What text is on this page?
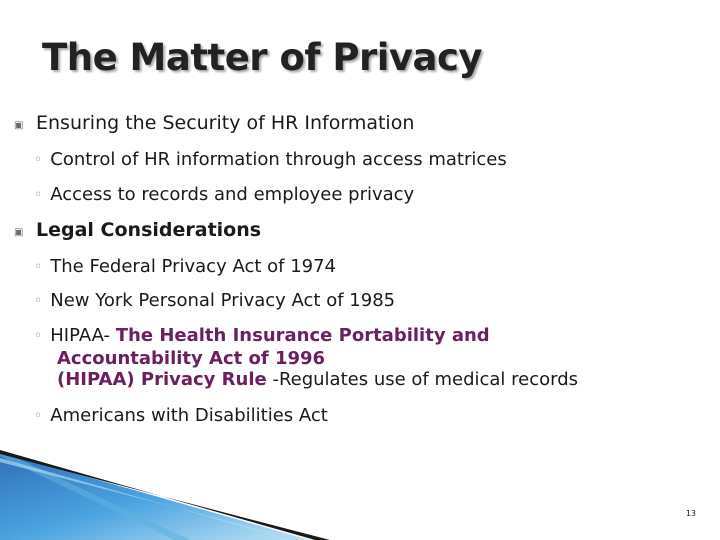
The Matter of Privacy
▣ Ensuring the Security of HR Information
◦ Control of HR information through access matrices
◦ Access to records and employee privacy
▣ Legal Considerations
◦ The Federal Privacy Act of 1974
◦ New York Personal Privacy Act of 1985
◦ HIPAA- The Health Insurance Portability and
Accountability Act of 1996
(HIPAA) Privacy Rule -Regulates use of medical records
◦ Americans with Disabilities Act
13
